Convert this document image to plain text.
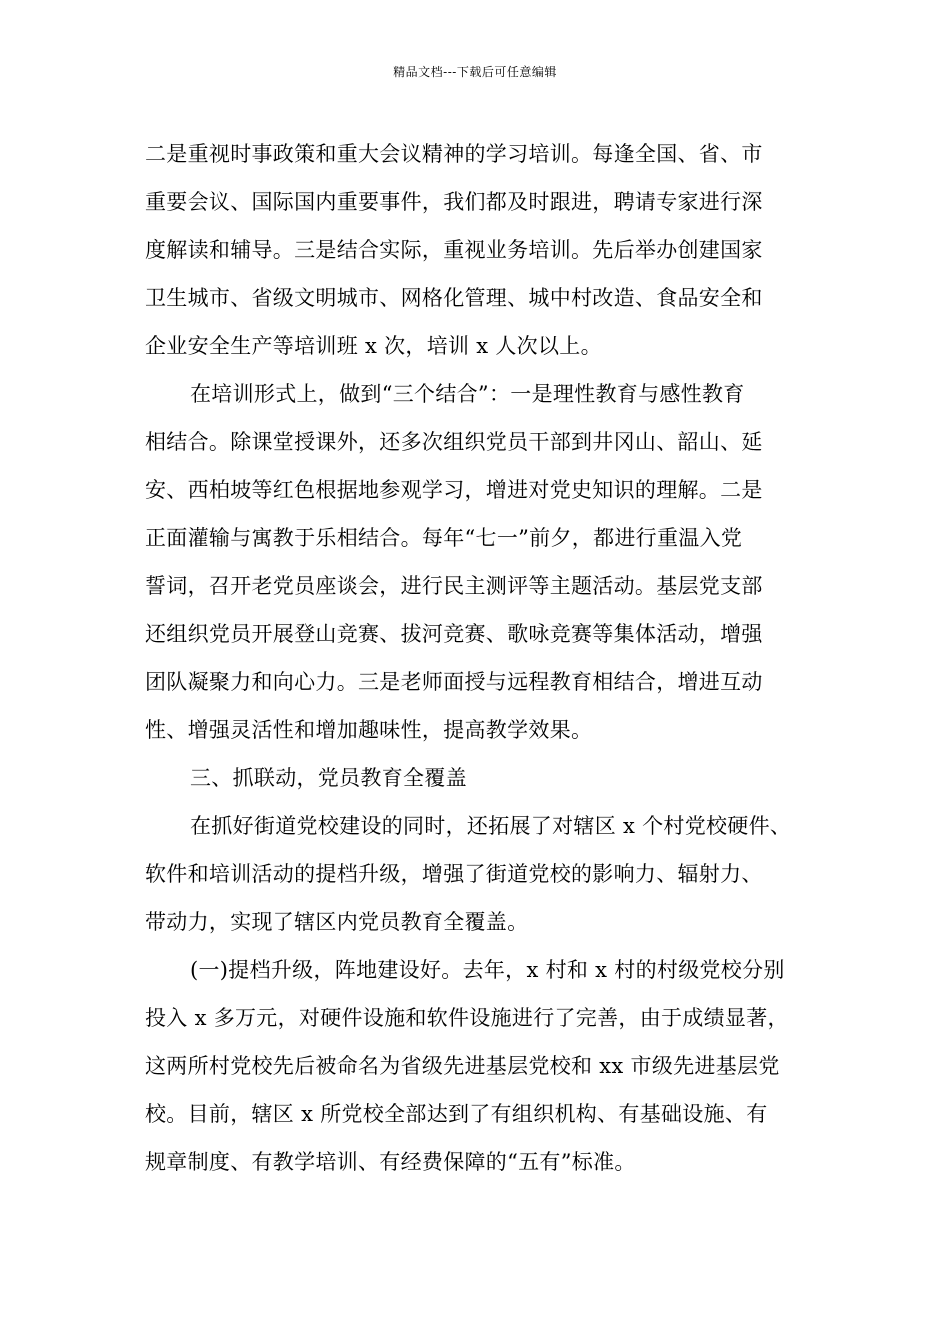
精品文档---下载后可任意编辑
二是重视时事政策和重大会议精神的学习培训。每逢全国、省、市
重要会议、国际国内重要事件，我们都及时跟进，聘请专家进行深
度解读和辅导。三是结合实际，重视业务培训。先后举办创建国家
卫生城市、省级文明城市、网格化管理、城中村改造、食品安全和
企业安全生产等培训班 x 次，培训 x 人次以上。
在培训形式上，做到“三个结合”：一是理性教育与感性教育
相结合。除课堂授课外，还多次组织党员干部到井冈山、韶山、延
安、西柏坡等红色根据地参观学习，增进对党史知识的理解。二是
正面灌输与寓教于乐相结合。每年“七一”前夕，都进行重温入党
誓词，召开老党员座谈会，进行民主测评等主题活动。基层党支部
还组织党员开展登山竞赛、拔河竞赛、歌咏竞赛等集体活动，增强
团队凝聚力和向心力。三是老师面授与远程教育相结合，增进互动
性、增强灵活性和增加趣味性，提高教学效果。
三、抓联动，党员教育全覆盖
在抓好街道党校建设的同时，还拓展了对辖区 x 个村党校硬件、
软件和培训活动的提档升级，增强了街道党校的影响力、辐射力、
带动力，实现了辖区内党员教育全覆盖。
(一)提档升级，阵地建设好。去年，x 村和 x 村的村级党校分别
投入 x 多万元，对硬件设施和软件设施进行了完善，由于成绩显著，
这两所村党校先后被命名为省级先进基层党校和 xx 市级先进基层党
校。目前，辖区 x 所党校全部达到了有组织机构、有基础设施、有
规章制度、有教学培训、有经费保障的“五有”标准。
